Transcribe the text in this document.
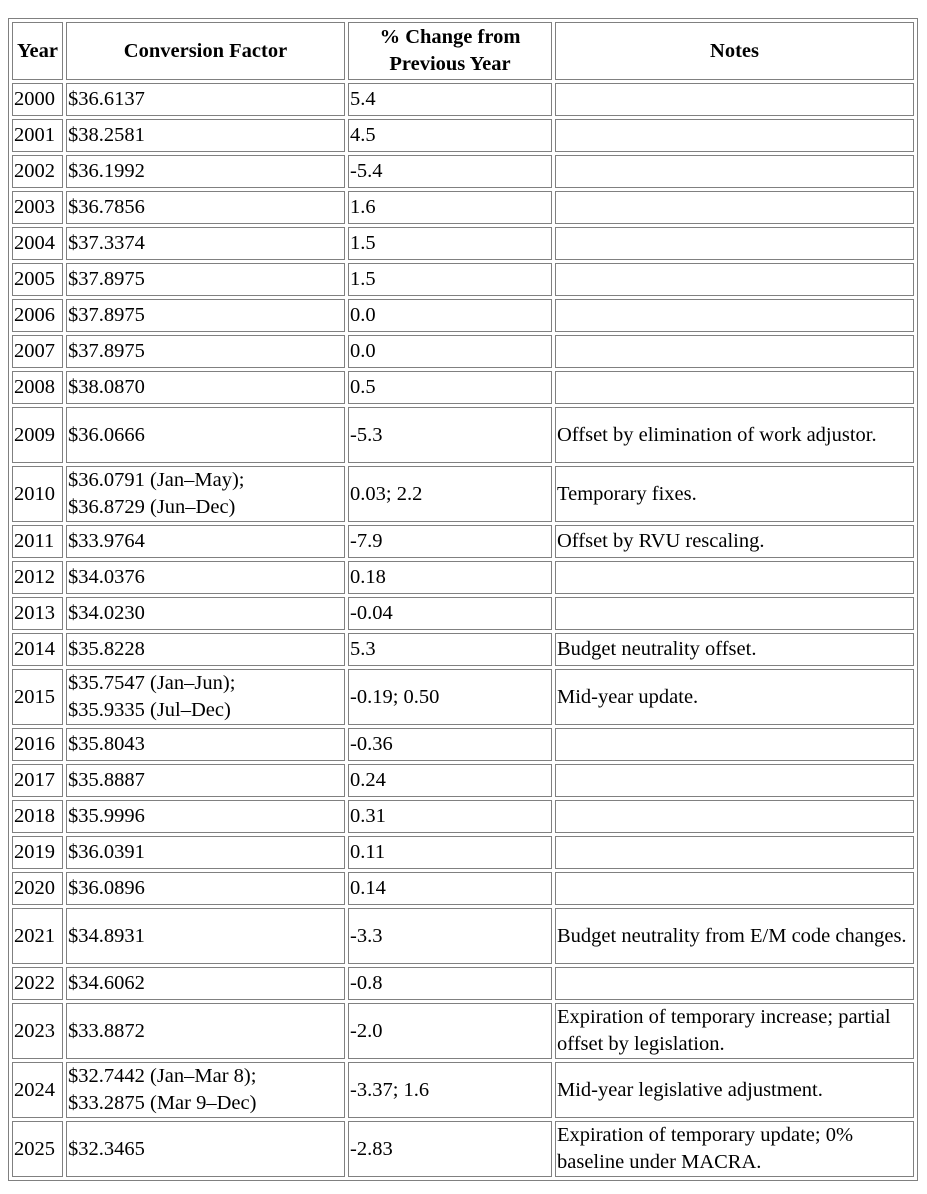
Year	Conversion Factor	% Change from Previous Year	Notes
2000	$36.6137	5.4	
2001	$38.2581	4.5	
2002	$36.1992	-5.4	
2003	$36.7856	1.6	
2004	$37.3374	1.5	
2005	$37.8975	1.5	
2006	$37.8975	0.0	
2007	$37.8975	0.0	
2008	$38.0870	0.5	
2009	$36.0666	-5.3	Offset by elimination of work adjustor.
2010	$36.0791 (Jan–May);
$36.8729 (Jun–Dec)	0.03; 2.2	Temporary fixes.
2011	$33.9764	-7.9	Offset by RVU rescaling.
2012	$34.0376	0.18	
2013	$34.0230	-0.04	
2014	$35.8228	5.3	Budget neutrality offset.
2015	$35.7547 (Jan–Jun);
$35.9335 (Jul–Dec)	-0.19; 0.50	Mid-year update.
2016	$35.8043	-0.36	
2017	$35.8887	0.24	
2018	$35.9996	0.31	
2019	$36.0391	0.11	
2020	$36.0896	0.14	
2021	$34.8931	-3.3	Budget neutrality from E/M code changes.
2022	$34.6062	-0.8	
2023	$33.8872	-2.0	Expiration of temporary increase; partial offset by legislation.
2024	$32.7442 (Jan–Mar 8);
$33.2875 (Mar 9–Dec)	-3.37; 1.6	Mid-year legislative adjustment.
2025	$32.3465	-2.83	Expiration of temporary update; 0% baseline under MACRA.
